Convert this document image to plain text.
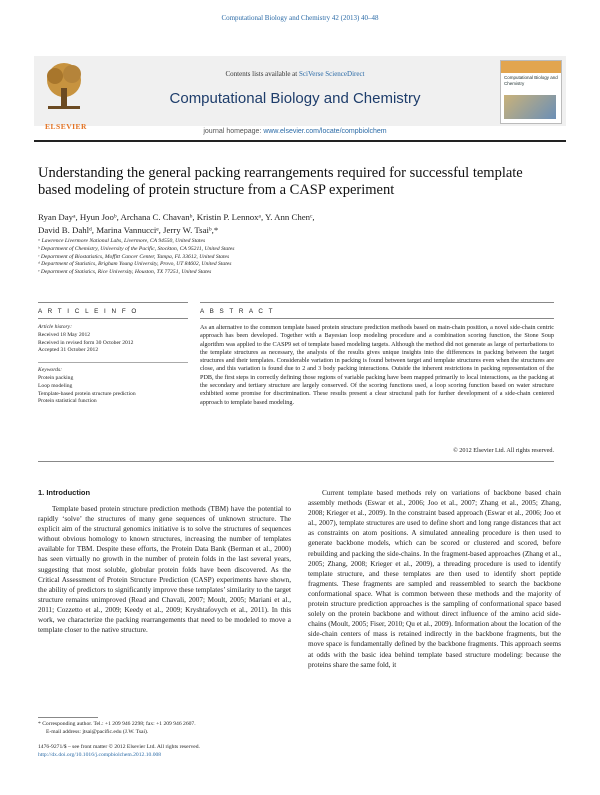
Computational Biology and Chemistry 42 (2013) 40–48
ELSEVIER
Contents lists available at SciVerse ScienceDirect
Computational Biology and Chemistry
journal homepage: www.elsevier.com/locate/compbiolchem
Computational Biology and Chemistry
Understanding the general packing rearrangements required for successful template based modeling of protein structure from a CASP experiment
Ryan Dayᵃ, Hyun Jooᵇ, Archana C. Chavanᵇ, Kristin P. Lennoxᵃ, Y. Ann Chenᶜ,
David B. Dahlᵈ, Marina Vannucciᵉ, Jerry W. Tsaiᵇ,*
ᵃ Lawrence Livermore National Labs, Livermore, CA 94550, United States
ᵇ Department of Chemistry, University of the Pacific, Stockton, CA 95211, United States
ᶜ Department of Biostatistics, Moffitt Cancer Center, Tampa, FL 33612, United States
ᵈ Department of Statistics, Brigham Young University, Provo, UT 84602, United States
ᵉ Department of Statistics, Rice University, Houston, TX 77251, United States
A R T I C L E I N F O	A B S T R A C T

Article history:

Received 18 May 2012

Received in revised form 30 October 2012

Accepted 31 October 2012

Keywords:

Protein packing

Loop modeling

Template-based protein structure prediction

Protein statistical function

As an alternative to the common template based protein structure prediction methods based on main-chain position, a novel side-chain centric approach has been developed. Together with a Bayesian loop modeling procedure and a combination scoring function, the Stone Soup algorithm was applied to the CASP9 set of template based modeling targets. Although the method did not generate as large of perturbations to the template structures as necessary, the analysis of the results gives unique insights into the differences in packing between the target structures and their templates. Considerable variation in packing is found between target and template structures even when the structures are close, and this variation is found due to 2 and 3 body packing interactions. Outside the inherent restrictions in packing representation of the PDB, the first steps in correctly defining those regions of variable packing have been mapped primarily to local interactions, as the packing at the secondary and tertiary structure are largely conserved. Of the scoring functions used, a loop scoring function based on water structure exhibited some promise for discrimination. These results present a clear structural path for further development of a side-chain centered approach to template based modeling.
© 2012 Elsevier Ltd. All rights reserved.
1. Introduction
Template based protein structure prediction methods (TBM) have the potential to rapidly ‘solve’ the structures of many gene sequences of unknown structure. The explicit aim of the structural genomics initiative is to solve the structures of sequences without obvious homology to known structures, increasing the number of templates available for TBM. Despite these efforts, the Protein Data Bank (Berman et al., 2000) has seen virtually no growth in the number of protein folds in the last several years, suggesting that most soluble, globular protein folds have been discovered. As the Critical Assessment of Protein Structure Prediction (CASP) experiments have shown, the ability of predictors to significantly improve these templates’ similarity to the target structure remains unimproved (Read and Chavali, 2007; Moult, 2005; Mariani et al., 2011; Cozzetto et al., 2009; Keedy et al., 2009; Kryshtafovych et al., 2011). In this work, we characterize the packing rearrangements that need to be modeled to move a template closer to the native structure.
Current template based methods rely on variations of backbone based chain assembly methods (Eswar et al., 2006; Joo et al., 2007; Zhang et al., 2005; Zhang, 2008; Krieger et al., 2009). In the constraint based approach (Eswar et al., 2006; Joo et al., 2007), template structures are used to define short and long range distances that act as constraints on atom positions. A simulated annealing procedure is then used to generate backbone models, which can be scored or clustered and scored, before rebuilding and packing the side-chains. In the fragment-based approaches (Zhang et al., 2005; Zhang, 2008; Krieger et al., 2009), a threading procedure is used to identify template structure, and these templates are then used to identify short peptide fragments. These fragments are sampled and reassembled to search the backbone conformational space. What is common between these methods and the majority of protein structure prediction approaches is the sampling of conformational space based solely on the protein backbone and without direct influence of the amino acid side-chains (Moult, 2005; Fiser, 2010; Qu et al., 2009). Information about the location of the side-chain centers of mass is retained indirectly in the backbone fragments, but the move space is fundamentally defined by the backbone fragments. This approach seems at odds with the basic idea behind template based structure modeling: because the proteins share the same fold, it
* Corresponding author. Tel.: +1 209 946 2298; fax: +1 209 946 2607.
E-mail address: jtsai@pacific.edu (J.W. Tsai).
1476-9271/$ – see front matter © 2012 Elsevier Ltd. All rights reserved.
http://dx.doi.org/10.1016/j.compbiolchem.2012.10.008
